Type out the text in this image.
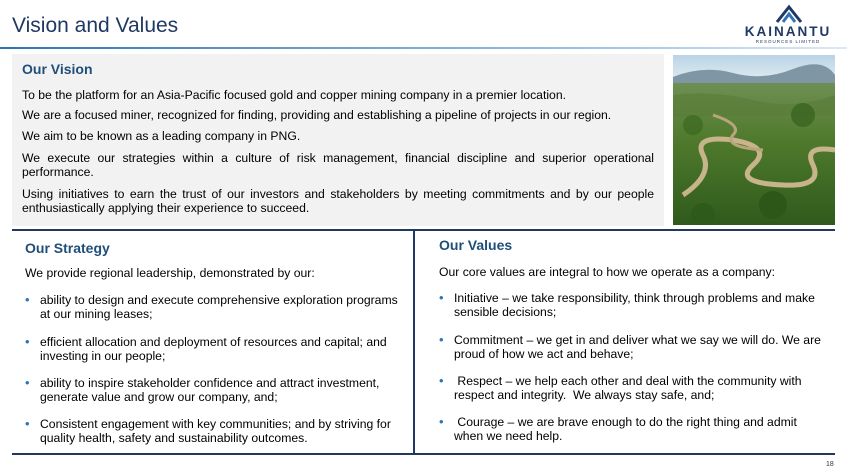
Vision and Values	KAINANTU
RESOURCES LIMITED
Our Vision
To be the platform for an Asia-Pacific focused gold and copper mining company in a premier location.
We are a focused miner, recognized for finding, providing and establishing a pipeline of projects in our region.
We aim to be known as a leading company in PNG.
We execute our strategies within a culture of risk management, financial discipline and superior operational performance.
Using initiatives to earn the trust of our investors and stakeholders by meeting commitments and by our people enthusiastically applying their experience to succeed.
Our Strategy
We provide regional leadership, demonstrated by our:
• ability to design and execute comprehensive exploration programs at our mining leases;
• efficient allocation and deployment of resources and capital; and investing in our people;
• ability to inspire stakeholder confidence and attract investment, generate value and grow our company, and;
• Consistent engagement with key communities; and by striving for quality health, safety and sustainability outcomes.
Our Values
Our core values are integral to how we operate as a company:
• Initiative – we take responsibility, think through problems and make sensible decisions;
• Commitment – we get in and deliver what we say we will do. We are proud of how we act and behave;
• Respect – we help each other and deal with the community with respect and integrity.  We always stay safe, and;
• Courage – we are brave enough to do the right thing and admit when we need help.
18
